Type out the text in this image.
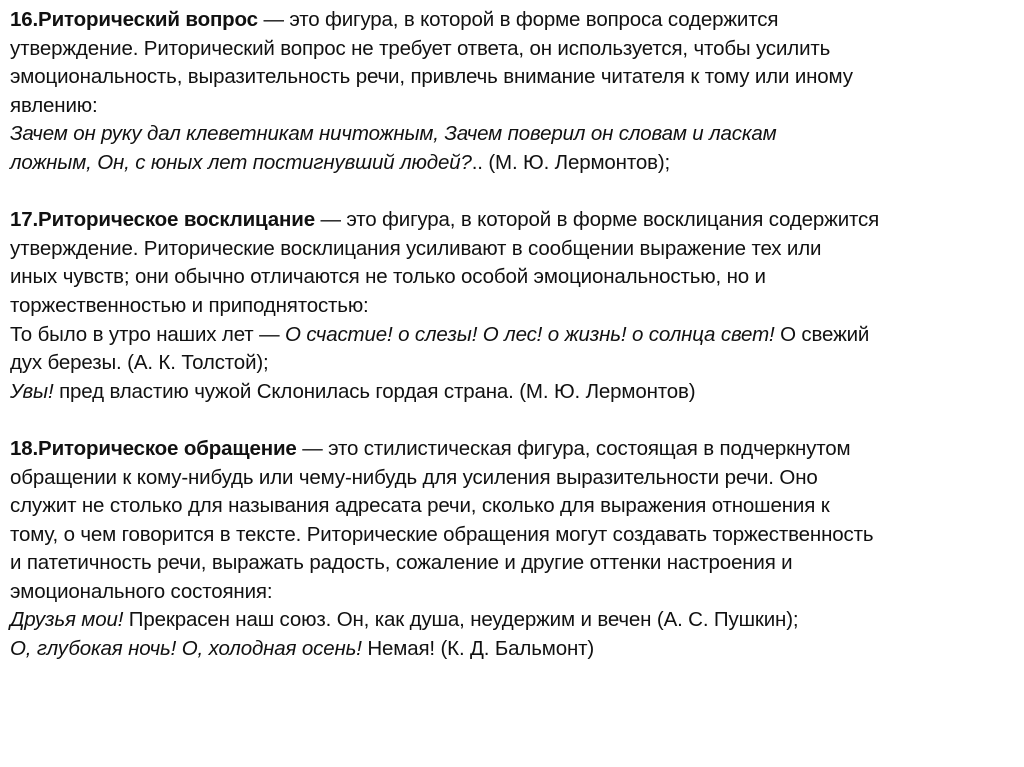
16.Риторический вопрос — это фигура, в которой в форме вопроса содержится
утверждение. Риторический вопрос не требует ответа, он используется, чтобы усилить
эмоциональность, выразительность речи, привлечь внимание читателя к тому или иному
явлению:
Зачем он руку дал клеветникам ничтожным, Зачем поверил он словам и ласкам
ложным, Он, с юных лет постигнувший людей?.. (М. Ю. Лермонтов);
17.Риторическое восклицание — это фигура, в которой в форме восклицания содержится
утверждение. Риторические восклицания усиливают в сообщении выражение тех или
иных чувств; они обычно отличаются не только особой эмоциональностью, но и
торжественностью и приподнятостью:
То было в утро наших лет — О счастие! о слезы! О лес! о жизнь! о солнца свет! О свежий
дух березы. (А. К. Толстой);
Увы! пред властию чужой Склонилась гордая страна. (М. Ю. Лермонтов)
18.Риторическое обращение — это стилистическая фигура, состоящая в подчеркнутом
обращении к кому-нибудь или чему-нибудь для усиления выразительности речи. Оно
служит не столько для называния адресата речи, сколько для выражения отношения к
тому, о чем говорится в тексте. Риторические обращения могут создавать торжественность
и патетичность речи, выражать радость, сожаление и другие оттенки настроения и
эмоционального состояния:
Друзья мои! Прекрасен наш союз. Он, как душа, неудержим и вечен (А. С. Пушкин);
О, глубокая ночь! О, холодная осень! Немая! (К. Д. Бальмонт)
